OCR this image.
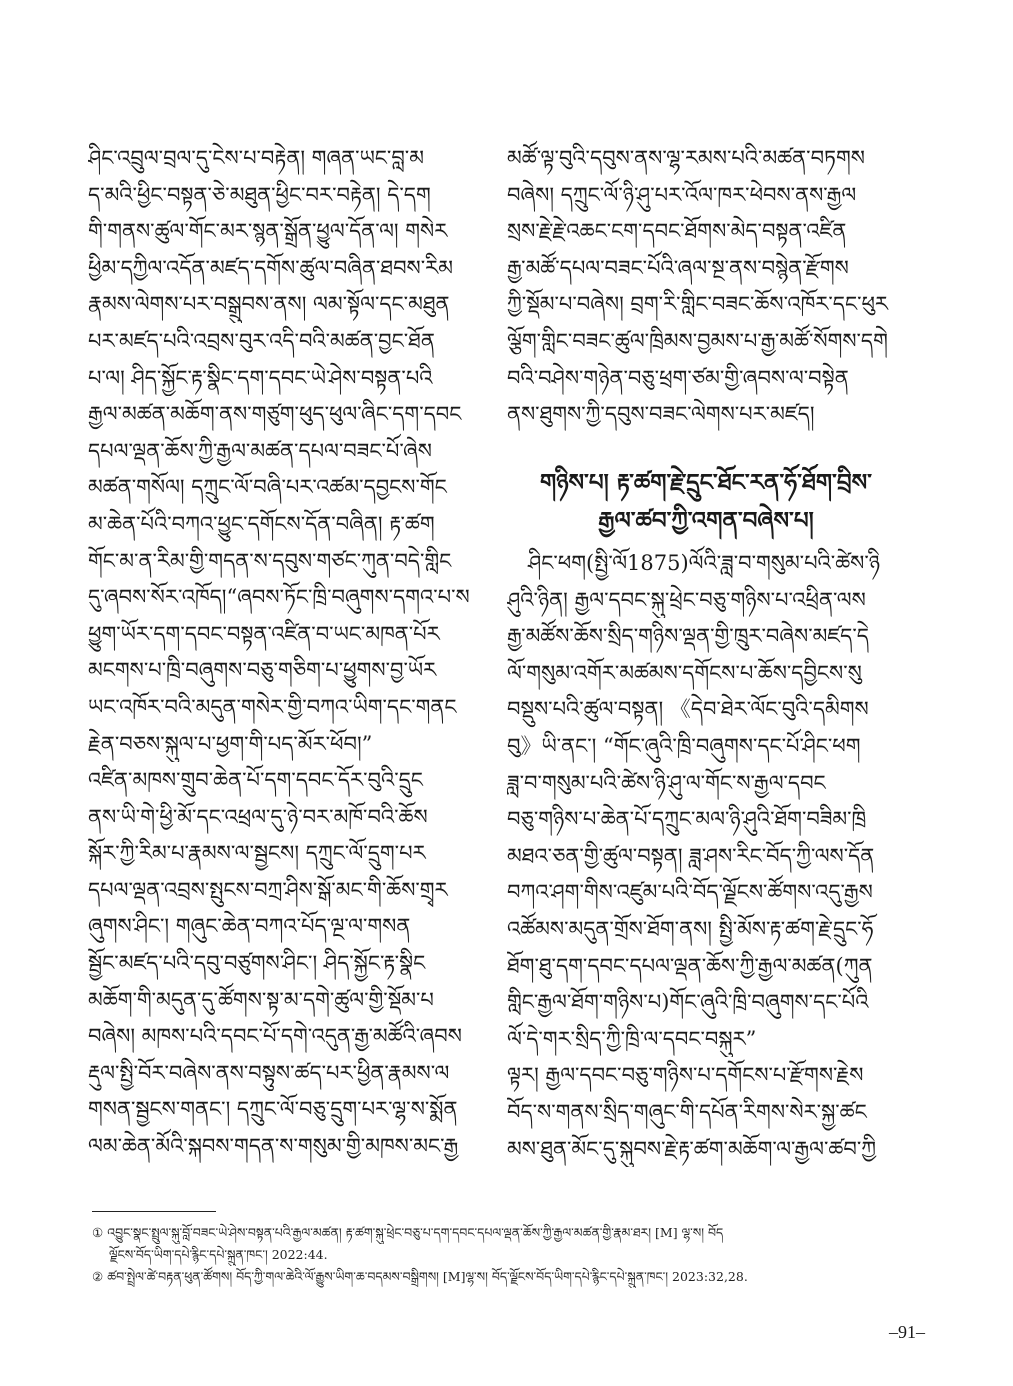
ཤིང་འབྲུལ་བྲལ་དུ་ངེས་པ་བརྟེན། གཞན་ཡང་བླ་མ
ད་མའི་ཕྱིང་བསྟན་ཅེ་མཐུན་ཕྱིང་བར་བརྟེན། དེ་དག
གི་གནས་ཚུལ་གོང་མར་སྙན་སྒྲོན་ཕྱུལ་དོན་ལ། གསེར
ཕྱིམ་དཀྱིལ་འདོན་མཛད་དགོས་ཚུལ་བཞིན་ཐབས་རིམ
རྣམས་ལེགས་པར་བསྒྲུབས་ནས། ལམ་སྟོལ་དང་མཐུན
པར་མཛད་པའི་འབྲས་བུར་འདི་བའི་མཚན་བྱང་ཐོན
པ་ལ། ཤིད་སྐྱོང་རྟ་སྣིང་དག་དབང་ཡེ་ཤེས་བསྟན་པའི
རྒྱལ་མཚན་མཆོག་ནས་གཙུག་ཕུད་ཕུལ་ཞིང་དག་དབང
དཔལ་ལྡན་ཆོས་ཀྱི་རྒྱལ་མཚན་དཔལ་བཟང་པོ་ཞེས
མཚན་གསོལ། དཀྲུང་ལོ་བཞི་པར་འཚམ་དབྱངས་གོང
མ་ཆེན་པོའི་བཀའ་ཕྱུང་དགོངས་དོན་བཞིན། རྟ་ཚག
གོང་མ་ན་རིམ་གྱི་གདན་ས་དབུས་གཙང་ཀུན་བདེ་གླིང
དུ་ཞབས་སོར་འཁོད།“ཞབས་ཏོང་ཁྲི་བཞུགས་དགའ་པ་ས
ཕྱུག་ཡོར་དག་དབང་བསྟན་འཛིན་བ་ཡང་མཁན་པོར
མངགས་པ་ཁྲི་བཞུགས་བཅུ་གཅིག་པ་ཕྱུགས་བྱ་ཡོར
ཡང་འཁོར་བའི་མདུན་གསེར་གྱི་བཀའ་ཡིག་དང་གནང
རྗེན་བཅས་སྐུལ་པ་ཕྱག་གི་པད་མོར་ཕོབ།”
འཛིན་མཁས་གྲུབ་ཆེན་པོ་དག་དབང་དོར་བུའི་དྲུང
ནས་ཡི་གེ་ཕྱི་མོ་དང་འཕྲལ་དུ་ཉེ་བར་མཁོ་བའི་ཆོས
སྐོར་ཀྱི་རིམ་པ་རྣམས་ལ་སྦྱངས། དཀྲུང་ལོ་དྲུག་པར
དཔལ་ལྡན་འབྲས་སྤུངས་བཀྲ་ཤིས་སྒོ་མང་གི་ཆོས་གྲྭར
ཞུགས་ཤིང་། གཞུང་ཆེན་བཀའ་པོད་ལྔ་ལ་གསན
སྦྱོང་མཛད་པའི་དབུ་བཙུགས་ཤིང་། ཤིད་སྐྱོང་རྟ་སྣིང
མཆོག་གི་མདུན་དུ་ཚོགས་སྟ་མ་དགེ་ཚུལ་གྱི་སྡོམ་པ
བཞེས། མཁས་པའི་དབང་པོ་དགེ་འདུན་རྒྱ་མཚོའི་ཞབས
རྡུལ་སྤྱི་བོར་བཞེས་ནས་བསྟུས་ཚད་པར་ཕྱིན་རྣམས་ལ
གསན་སྦྱངས་གནང་། དཀྲུང་ལོ་བཅུ་དྲུག་པར་ལྷ་ས་སྨོན
ལམ་ཆེན་མོའི་སྐབས་གདན་ས་གསུམ་གྱི་མཁས་མང་རྒྱ
མཚོ་ལྟ་བུའི་དབུས་ནས་ལྷ་རམས་པའི་མཚན་བཏགས
བཞེས། དཀྲུང་ལོ་ཉི་ཤུ་པར་འོལ་ཁར་ཕེབས་ནས་རྒྱལ
སྲས་རྗེ་རྗེ་འཆང་ངག་དབང་ཐོགས་མེད་བསྟན་འཛིན
རྒྱ་མཚོ་དཔལ་བཟང་པོའི་ཞལ་སྔ་ནས་བསྙེན་རྫོགས
ཀྱི་སྡོམ་པ་བཞེས། བྲག་རི་གླིང་བཟང་ཆོས་འཁོར་དང་ཕུར
ལྕོག་གླིང་བཟང་ཚུལ་ཁྲིམས་བྱམས་པ་རྒྱ་མཚོ་སོགས་དགེ
བའི་བཤེས་གཉེན་བཅུ་ཕྲག་ཙམ་གྱི་ཞབས་ལ་བསྟེན
ནས་ཐུགས་ཀྱི་དབུས་བཟང་ལེགས་པར་མཛད།
གཉིས་པ། རྟ་ཚག་རྗེ་དྲུང་ཐོང་རན་ཧོ་ཐོག་བྲིས་
རྒྱལ་ཚབ་ཀྱི་འགན་བཞེས་པ།
　ཤིང་ཕག(སྤྱི་ལོ1875)ལོའི་ཟླ་བ་གསུམ་པའི་ཚེས་ཉི
ཤུའི་ཉིན། རྒྱལ་དབང་སྐུ་ཕྲེང་བཅུ་གཉིས་པ་འཕྲིན་ལས
རྒྱ་མཚོས་ཆོས་སྲིད་གཉིས་ལྡན་གྱི་ཁྲུར་བཞེས་མཛད་དེ
ལོ་གསུམ་འགོར་མཚམས་དགོངས་པ་ཆོས་དབྱིངས་སུ
བསྡུས་པའི་ཚུལ་བསྟན། 《དེབ་ཐེར་ལོང་བུའི་དམིགས
བུ》ཡི་ནང་། “གོང་ཞུའི་ཁྲི་བཞུགས་དང་པོ་ཤིང་ཕག
ཟླ་བ་གསུམ་པའི་ཚེས་ཉི་ཤུ་ལ་གོང་ས་རྒྱལ་དབང
བཅུ་གཉིས་པ་ཆེན་པོ་དཀྲུང་མལ་ཉི་ཤུའི་ཐོག་བཟིམ་ཁྲི
མཐའ་ཅན་གྱི་ཚུལ་བསྟན། ཟླ་ཤས་རིང་བོད་ཀྱི་ལས་དོན
བཀའ་ཤག་གིས་འཛུམ་པའི་བོད་ལྗོངས་ཚོགས་འདུ་རྒྱས
འཚོམས་མདུན་གྲོས་ཐོག་ནས། སྤྱི་མོས་རྟ་ཚག་རྗེ་དྲུང་ཧོ
ཐོག་ཐུ་དག་དབང་དཔལ་ལྡན་ཆོས་ཀྱི་རྒྱལ་མཚན(ཀུན
གླིང་རྒྱལ་ཐོག་གཉིས་པ)གོང་ཞུའི་ཁྲི་བཞུགས་དང་པོའི
ལོ་དེ་གར་སྲིད་ཀྱི་ཁྲི་ལ་དབང་བསྐུར”
ལྟར། རྒྱལ་དབང་བཅུ་གཉིས་པ་དགོངས་པ་རྫོགས་རྗེས
བོད་ས་གནས་སྲིད་གཞུང་གི་དཔོན་རིགས་སེར་སྐྱ་ཚང
མས་ཐུན་མོང་དུ་སྐུབས་རྗེ་རྟ་ཚག་མཆོག་ལ་རྒྱལ་ཚབ་ཀྱི
① འབྱུང་སྣང་སྤྲུལ་སྐུ་བློ་བཟང་ཡེ་ཤེས་བསྟན་པའི་རྒྱལ་མཚན། རྟ་ཚག་སྐུ་ཕྲེང་བཅུ་པ་དག་དབང་དཔལ་ལྡན་ཆོས་ཀྱི་རྒྱལ་མཚན་གྱི་རྣམ་ཐར། [M] ལྷ་ས། བོད
ལྗོངས་བོད་ཡིག་དཔེ་རྙིང་དཔེ་སྐྲུན་ཁང་། 2022:44.
② ཚབ་སྤྲེལ་ཚེ་བརྟན་ཕུན་ཚོགས། བོད་ཀྱི་གལ་ཆེའི་ལོ་རྒྱུས་ཡིག་ཆ་བདམས་བསྒྲིགས། [M]ལྷ་ས། བོད་ལྗོངས་བོད་ཡིག་དཔེ་རྙིང་དཔེ་སྐྲུན་ཁང་། 2023:32,28.
–91–
